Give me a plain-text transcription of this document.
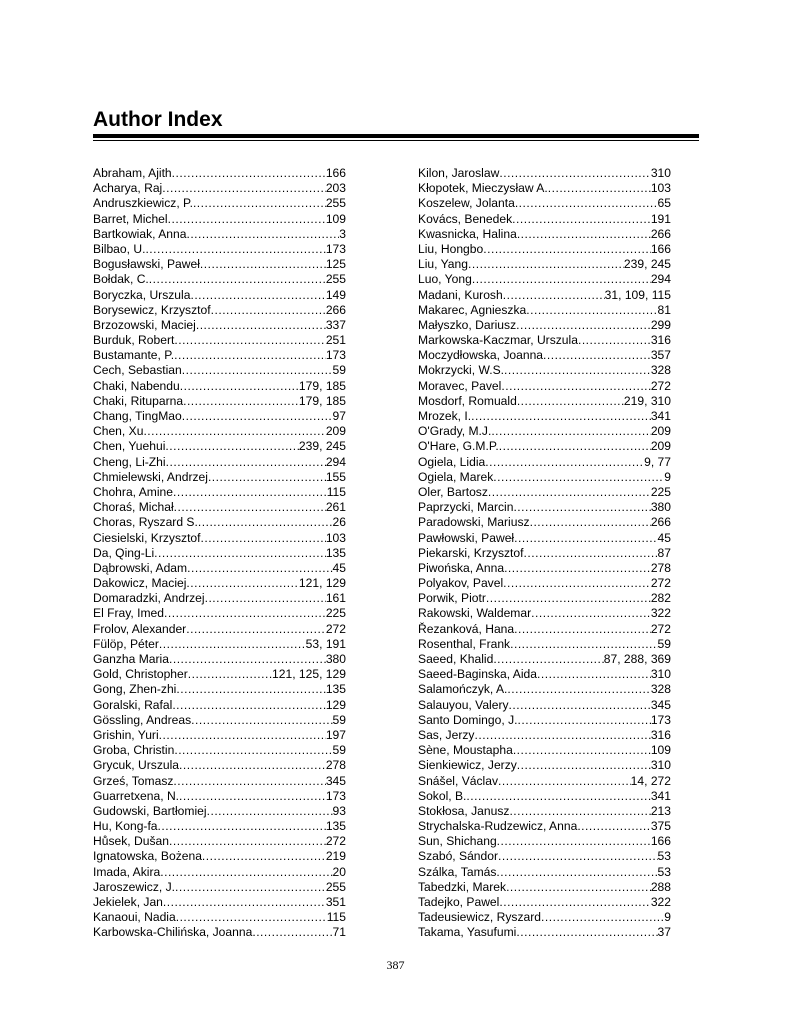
Author Index
Abraham, Ajith .....	166
Acharya, Raj .....	203
Andruszkiewicz, P. .....	255
Barret, Michel .....	109
Bartkowiak, Anna .....	3
Bilbao, U. .....	173
Bogusławski, Paweł .....	125
Bołdak, C. .....	255
Boryczka, Urszula .....	149
Borysewicz, Krzysztof .....	266
Brzozowski, Maciej .....	337
Burduk, Robert .....	251
Bustamante, P. .....	173
Cech, Sebastian .....	59
Chaki, Nabendu .....	179, 185
Chaki, Rituparna .....	179, 185
Chang, TingMao .....	97
Chen, Xu .....	209
Chen, Yuehui .....	239, 245
Cheng, Li-Zhi .....	294
Chmielewski, Andrzej .....	155
Chohra, Amine .....	115
Choraś, Michał .....	261
Choras, Ryszard S. .....	26
Ciesielski, Krzysztof .....	103
Da, Qing-Li .....	135
Dąbrowski, Adam .....	45
Dakowicz, Maciej .....	121, 129
Domaradzki, Andrzej .....	161
El Fray, Imed .....	225
Frolov, Alexander .....	272
Fülöp, Péter .....	53, 191
Ganzha Maria .....	380
Gold, Christopher .....	121, 125, 129
Gong, Zhen-zhi .....	135
Goralski, Rafal .....	129
Gössling, Andreas .....	59
Grishin, Yuri .....	197
Groba, Christin .....	59
Grycuk, Urszula .....	278
Grześ, Tomasz .....	345
Guarretxena, N. .....	173
Gudowski, Bartłomiej .....	93
Hu, Kong-fa .....	135
Hůsek, Dušan .....	272
Ignatowska, Bożena .....	219
Imada, Akira .....	20
Jaroszewicz, J. .....	255
Jekielek, Jan .....	351
Kanaoui, Nadia .....	115
Karbowska-Chilińska, Joanna .....	71
Kilon, Jaroslaw .....	310
Kłopotek, Mieczysław A. .....	103
Koszelew, Jolanta .....	65
Kovács, Benedek .....	191
Kwasnicka, Halina .....	266
Liu, Hongbo .....	166
Liu, Yang .....	239, 245
Luo, Yong .....	294
Madani, Kurosh .....	31, 109, 115
Makarec, Agnieszka .....	81
Małyszko, Dariusz .....	299
Markowska-Kaczmar, Urszula .....	316
Moczydłowska, Joanna .....	357
Mokrzycki, W.S. .....	328
Moravec, Pavel .....	272
Mosdorf, Romuald .....	219, 310
Mrozek, I. .....	341
O'Grady, M.J. .....	209
O'Hare, G.M.P. .....	209
Ogiela, Lidia .....	9, 77
Ogiela, Marek .....	9
Oler, Bartosz .....	225
Paprzycki, Marcin .....	380
Paradowski, Mariusz .....	266
Pawłowski, Paweł .....	45
Piekarski, Krzysztof .....	87
Piwońska, Anna .....	278
Polyakov, Pavel .....	272
Porwik, Piotr .....	282
Rakowski, Waldemar .....	322
Řezanková, Hana .....	272
Rosenthal, Frank .....	59
Saeed, Khalid .....	87, 288, 369
Saeed-Baginska, Aida .....	310
Salamończyk, A. .....	328
Salauyou, Valery .....	345
Santo Domingo, J. .....	173
Sas, Jerzy .....	316
Sène, Moustapha .....	109
Sienkiewicz, Jerzy .....	310
Snášel, Václav .....	14, 272
Sokol, B. .....	341
Stokłosa, Janusz .....	213
Strychalska-Rudzewicz, Anna .....	375
Sun, Shichang .....	166
Szabó, Sándor .....	53
Szálka, Tamás .....	53
Tabedzki, Marek .....	288
Tadejko, Pawel .....	322
Tadeusiewicz, Ryszard .....	9
Takama, Yasufumi .....	37
387
